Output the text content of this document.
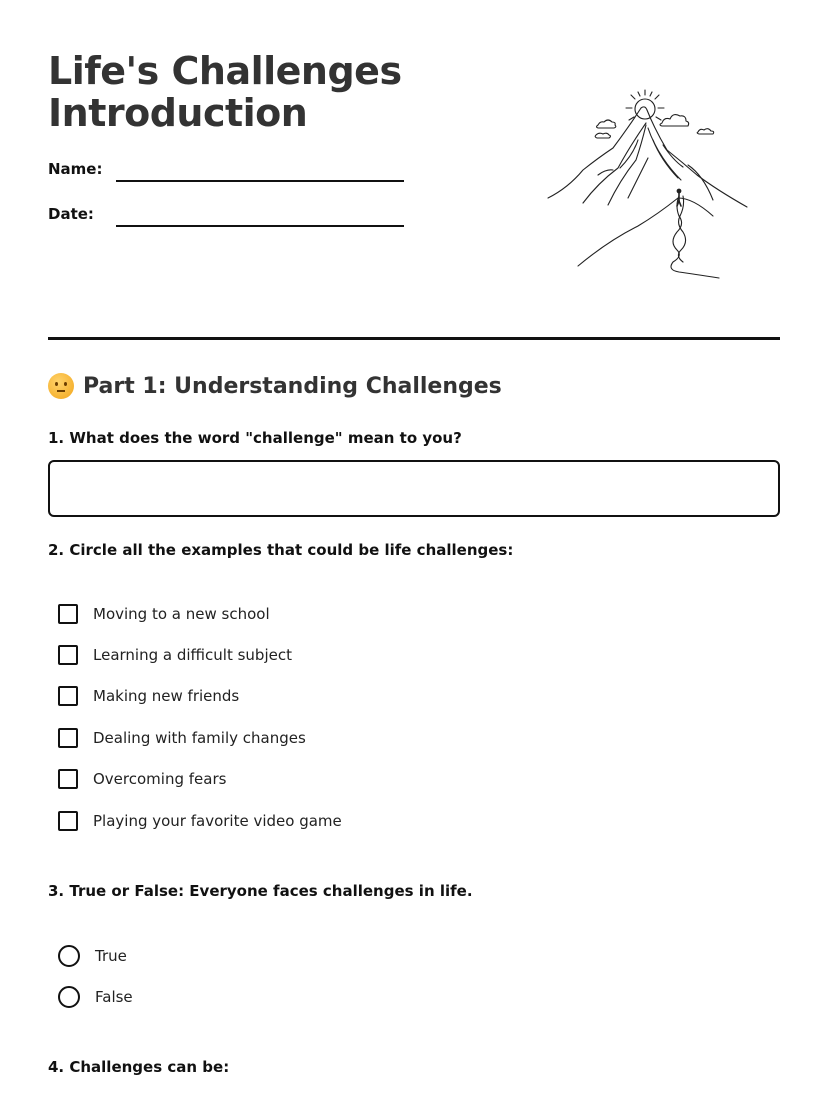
Life's Challenges
Introduction
Name:
Date:
Part 1: Understanding Challenges

1. What does the word "challenge" mean to you?

2. Circle all the examples that could be life challenges:

Moving to a new school
Learning a difficult subject
Making new friends
Dealing with family changes
Overcoming fears
Playing your favorite video game

3. True or False: Everyone faces challenges in life.

True
False

4. Challenges can be:
